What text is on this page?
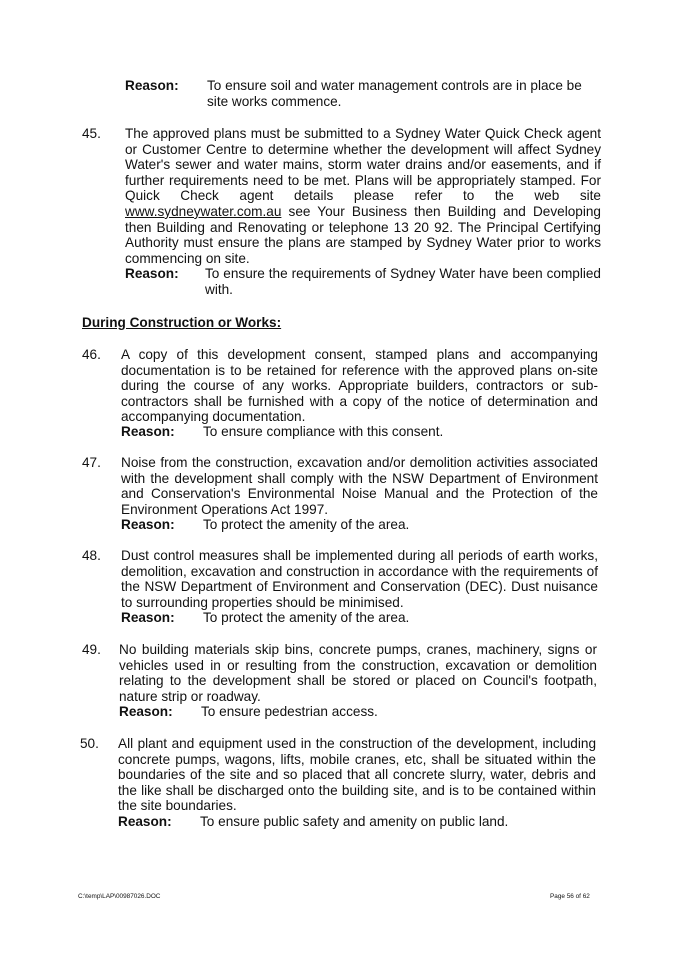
Reason:	To ensure soil and water management controls are in place be site works commence.
45. The approved plans must be submitted to a Sydney Water Quick Check agent or Customer Centre to determine whether the development will affect Sydney Water's sewer and water mains, storm water drains and/or easements, and if further requirements need to be met. Plans will be appropriately stamped. For Quick Check agent details please refer to the web site www.sydneywater.com.au see Your Business then Building and Developing then Building and Renovating or telephone 13 20 92. The Principal Certifying Authority must ensure the plans are stamped by Sydney Water prior to works commencing on site.
Reason:	To ensure the requirements of Sydney Water have been complied with.
During Construction or Works:
46. A copy of this development consent, stamped plans and accompanying documentation is to be retained for reference with the approved plans on-site during the course of any works. Appropriate builders, contractors or sub-contractors shall be furnished with a copy of the notice of determination and accompanying documentation.
Reason:	To ensure compliance with this consent.
47. Noise from the construction, excavation and/or demolition activities associated with the development shall comply with the NSW Department of Environment and Conservation's Environmental Noise Manual and the Protection of the Environment Operations Act 1997.
Reason:	To protect the amenity of the area.
48. Dust control measures shall be implemented during all periods of earth works, demolition, excavation and construction in accordance with the requirements of the NSW Department of Environment and Conservation (DEC). Dust nuisance to surrounding properties should be minimised.
Reason:	To protect the amenity of the area.
49. No building materials skip bins, concrete pumps, cranes, machinery, signs or vehicles used in or resulting from the construction, excavation or demolition relating to the development shall be stored or placed on Council's footpath, nature strip or roadway.
Reason:	To ensure pedestrian access.
50. All plant and equipment used in the construction of the development, including concrete pumps, wagons, lifts, mobile cranes, etc, shall be situated within the boundaries of the site and so placed that all concrete slurry, water, debris and the like shall be discharged onto the building site, and is to be contained within the site boundaries.
Reason:	To ensure public safety and amenity on public land.
C:\temp\LAP\00987026.DOC	Page 56 of 62
